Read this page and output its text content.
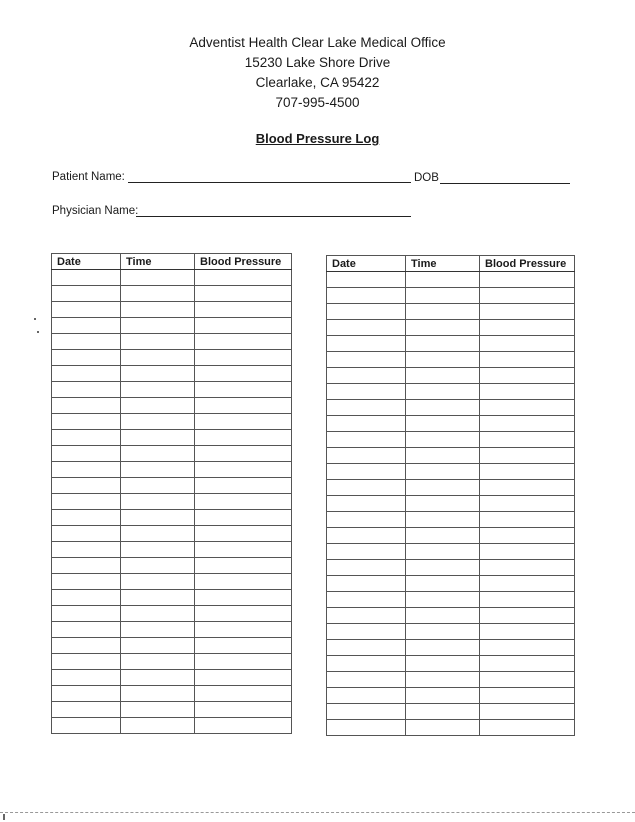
Adventist Health Clear Lake Medical Office
15230 Lake Shore Drive
Clearlake, CA 95422
707-995-4500
Blood Pressure Log
Patient Name:	DOB
Physician Name:
Date	Time	Blood Pressure

			Date	Time	Blood Pressure
